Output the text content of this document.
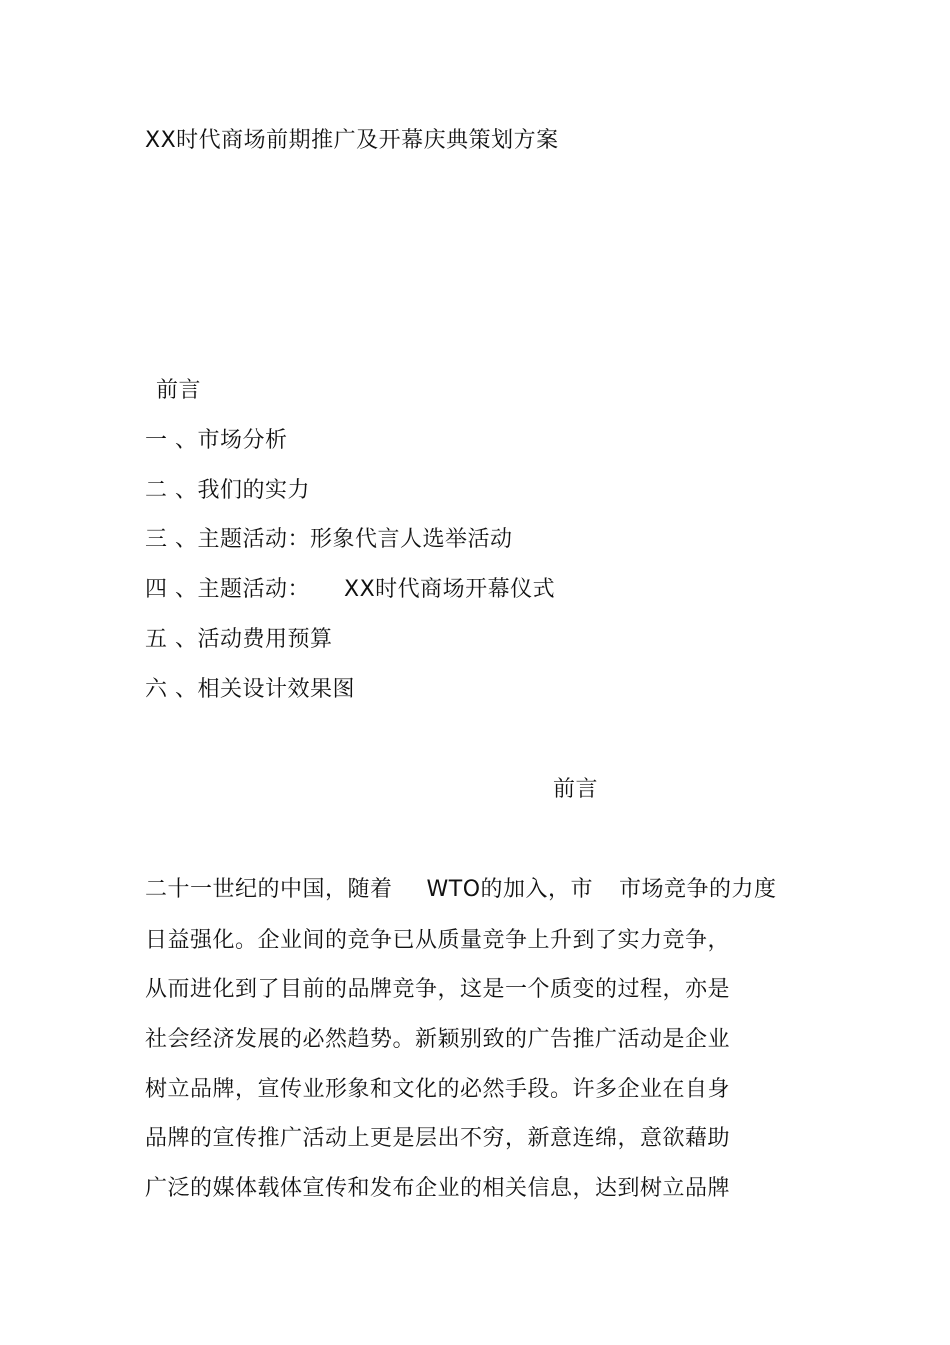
XX时代商场前期推广及开幕庆典策划方案
前言
一 、市场分析
二 、我们的实力
三 、主题活动：形象代言人选举活动
四 、主题活动： XX时代商场开幕仪式
五 、活动费用预算
六 、相关设计效果图
前言
二十一世纪的中国，随着 WTO的加入，市 市场竞争的力度
日益强化。企业间的竞争已从质量竞争上升到了实力竞争，
从而进化到了目前的品牌竞争，这是一个质变的过程，亦是
社会经济发展的必然趋势。新颖别致的广告推广活动是企业
树立品牌，宣传业形象和文化的必然手段。许多企业在自身
品牌的宣传推广活动上更是层出不穷，新意连绵，意欲藉助
广泛的媒体载体宣传和发布企业的相关信息，达到树立品牌
